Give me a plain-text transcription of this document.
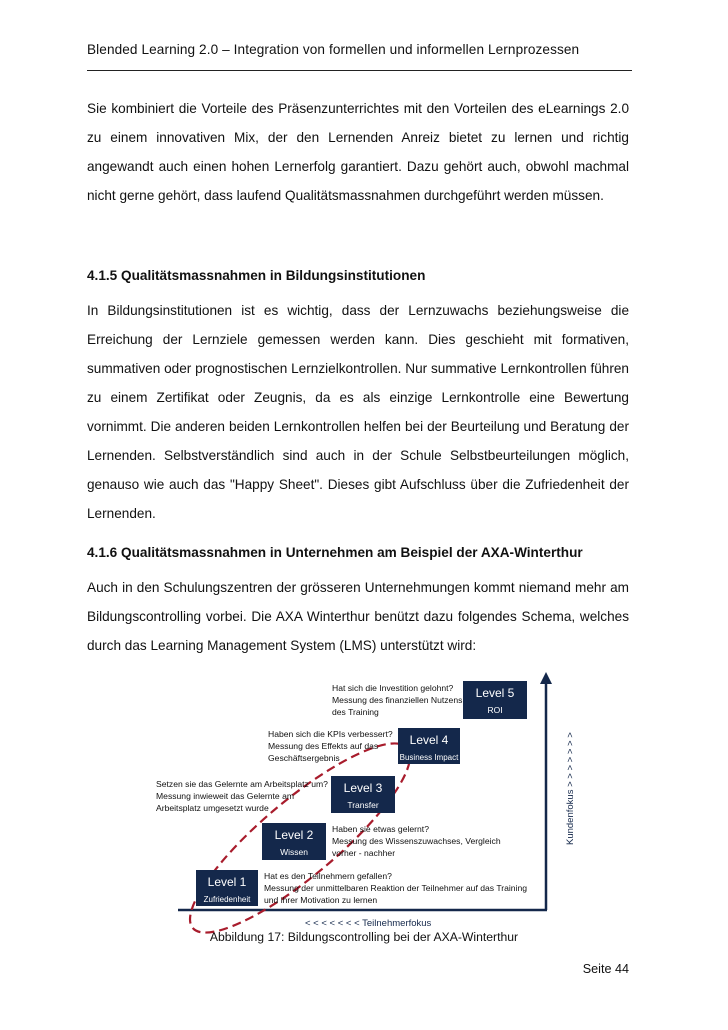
Blended Learning 2.0 – Integration von formellen und informellen Lernprozessen

Sie kombiniert die Vorteile des Präsenzunterrichtes mit den Vorteilen des eLearnings 2.0 zu einem innovativen Mix, der den Lernenden Anreiz bietet zu lernen und richtig angewandt auch einen hohen Lernerfolg garantiert. Dazu gehört auch, obwohl machmal nicht gerne gehört, dass laufend Qualitätsmassnahmen durchgeführt werden müssen.

4.1.5 Qualitätsmassnahmen in Bildungsinstitutionen

In Bildungsinstitutionen ist es wichtig, dass der Lernzuwachs beziehungsweise die Erreichung der Lernziele gemessen werden kann. Dies geschieht mit formativen, summativen oder prognostischen Lernzielkontrollen. Nur summative Lernkontrollen führen zu einem Zertifikat oder Zeugnis, da es als einzige Lernkontrolle eine Bewertung vornimmt. Die anderen beiden Lernkontrollen helfen bei der Beurteilung und Beratung der Lernenden. Selbstverständlich sind auch in der Schule Selbstbeurteilungen möglich, genauso wie auch das "Happy Sheet". Dieses gibt Aufschluss über die Zufriedenheit der Lernenden.

4.1.6 Qualitätsmassnahmen in Unternehmen am Beispiel der AXA-Winterthur

Auch in den Schulungszentren der grösseren Unternehmungen kommt niemand mehr am Bildungscontrolling vorbei. Die AXA Winterthur benützt dazu folgendes Schema, welches durch das Learning Management System (LMS) unterstützt wird:

< < < < < < < Teilnehmerfokus
Kundenfokus > > > > > > >
Level 5
ROI
Hat sich die Investition gelohnt?
Messung des finanziellen Nutzens
des Training
Level 4
Business Impact
Haben sich die KPIs verbessert?
Messung des Effekts auf das
Geschäftsergebnis
Level 3
Transfer
Setzen sie das Gelernte am Arbeitsplatz um?
Messung inwieweit das Gelernte am
Arbeitsplatz umgesetzt wurde
Level 2
Wissen
Haben sie etwas gelernt?
Messung des Wissenszuwachses, Vergleich
vorher - nachher
Level 1
Zufriedenheit
Hat es den Teilnehmern gefallen?
Messung der unmittelbaren Reaktion der Teilnehmer auf das Training
und ihrer Motivation zu lernen
Abbildung 17: Bildungscontrolling bei der AXA-Winterthur
Seite 44
